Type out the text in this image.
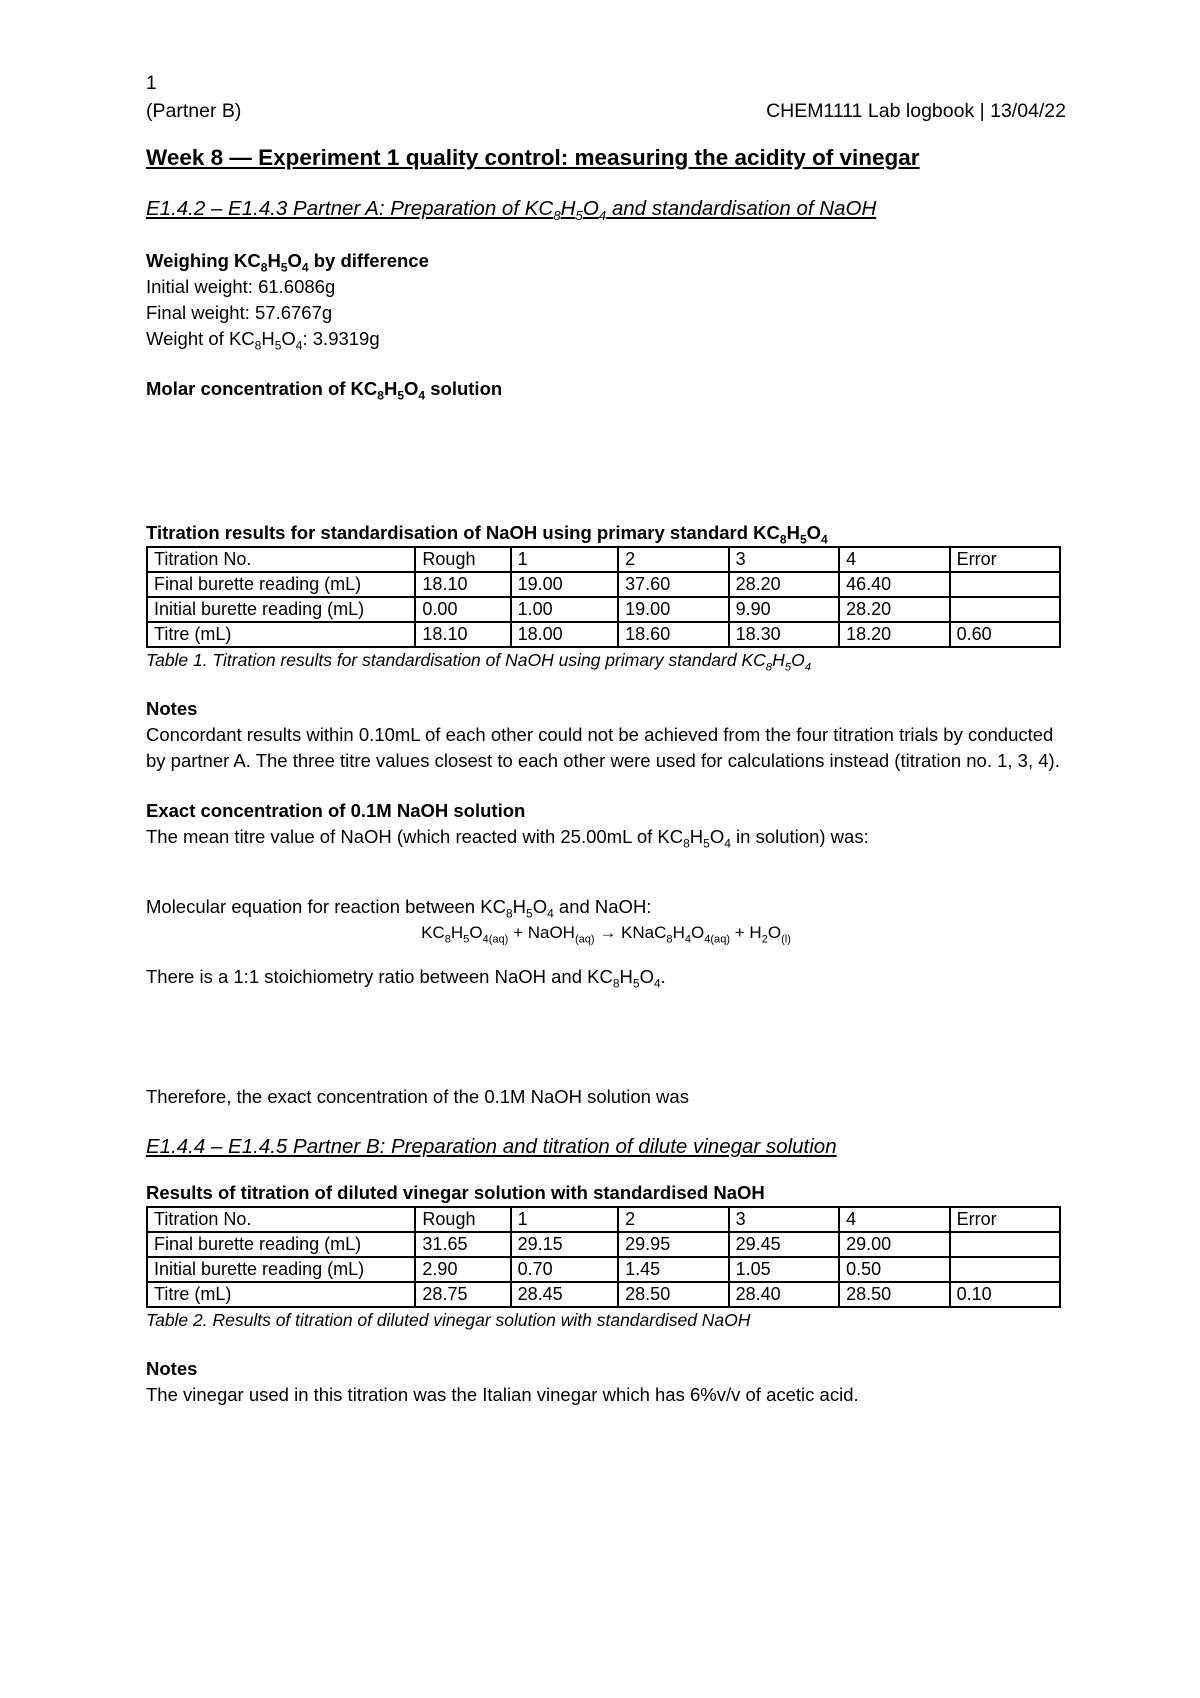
1
(Partner B)	CHEM1111 Lab logbook | 13/04/22
Week 8 — Experiment 1 quality control: measuring the acidity of vinegar
E1.4.2 – E1.4.3 Partner A: Preparation of $KC_8H_5O_4$ and standardisation of NaOH
Weighing $KC_8H_5O_4$ by difference
Initial weight: 61.6086g
Final weight: 57.6767g
Weight of $KC_8H_5O_4$: 3.9319g
Molar concentration of $KC_8H_5O_4$ solution
Titration results for standardisation of NaOH using primary standard $KC_8H_5O_4$
Titration No.	Rough	1	2	3	4	Error
Final burette reading (mL)	18.10	19.00	37.60	28.20	46.40	
Initial burette reading (mL)	0.00	1.00	19.00	9.90	28.20	
Titre (mL)	18.10	18.00	18.60	18.30	18.20	0.60
Table 1. Titration results for standardisation of NaOH using primary standard $KC_8H_5O_4$
Notes
Concordant results within 0.10mL of each other could not be achieved from the four titration trials by conducted by partner A. The three titre values closest to each other were used for calculations instead (titration no. 1, 3, 4).
Exact concentration of 0.1M NaOH solution
The mean titre value of NaOH (which reacted with 25.00mL of $KC_8H_5O_4$ in solution) was:
Molecular equation for reaction between $KC_8H_5O_4$ and NaOH:
$KC_8H_5O_{4(aq)}$ + NaOH$_{(aq)}$ → $KNaC_8H_4O_{4(aq)} + H_2O_{(l)}$
There is a 1:1 stoichiometry ratio between NaOH and $KC_8H_5O_4$.
Therefore, the exact concentration of the 0.1M NaOH solution was
E1.4.4 – E1.4.5 Partner B: Preparation and titration of dilute vinegar solution
Results of titration of diluted vinegar solution with standardised NaOH
Titration No.	Rough	1	2	3	4	Error
Final burette reading (mL)	31.65	29.15	29.95	29.45	29.00	
Initial burette reading (mL)	2.90	0.70	1.45	1.05	0.50	
Titre (mL)	28.75	28.45	28.50	28.40	28.50	0.10
Table 2. Results of titration of diluted vinegar solution with standardised NaOH
Notes
The vinegar used in this titration was the Italian vinegar which has 6%v/v of acetic acid.
